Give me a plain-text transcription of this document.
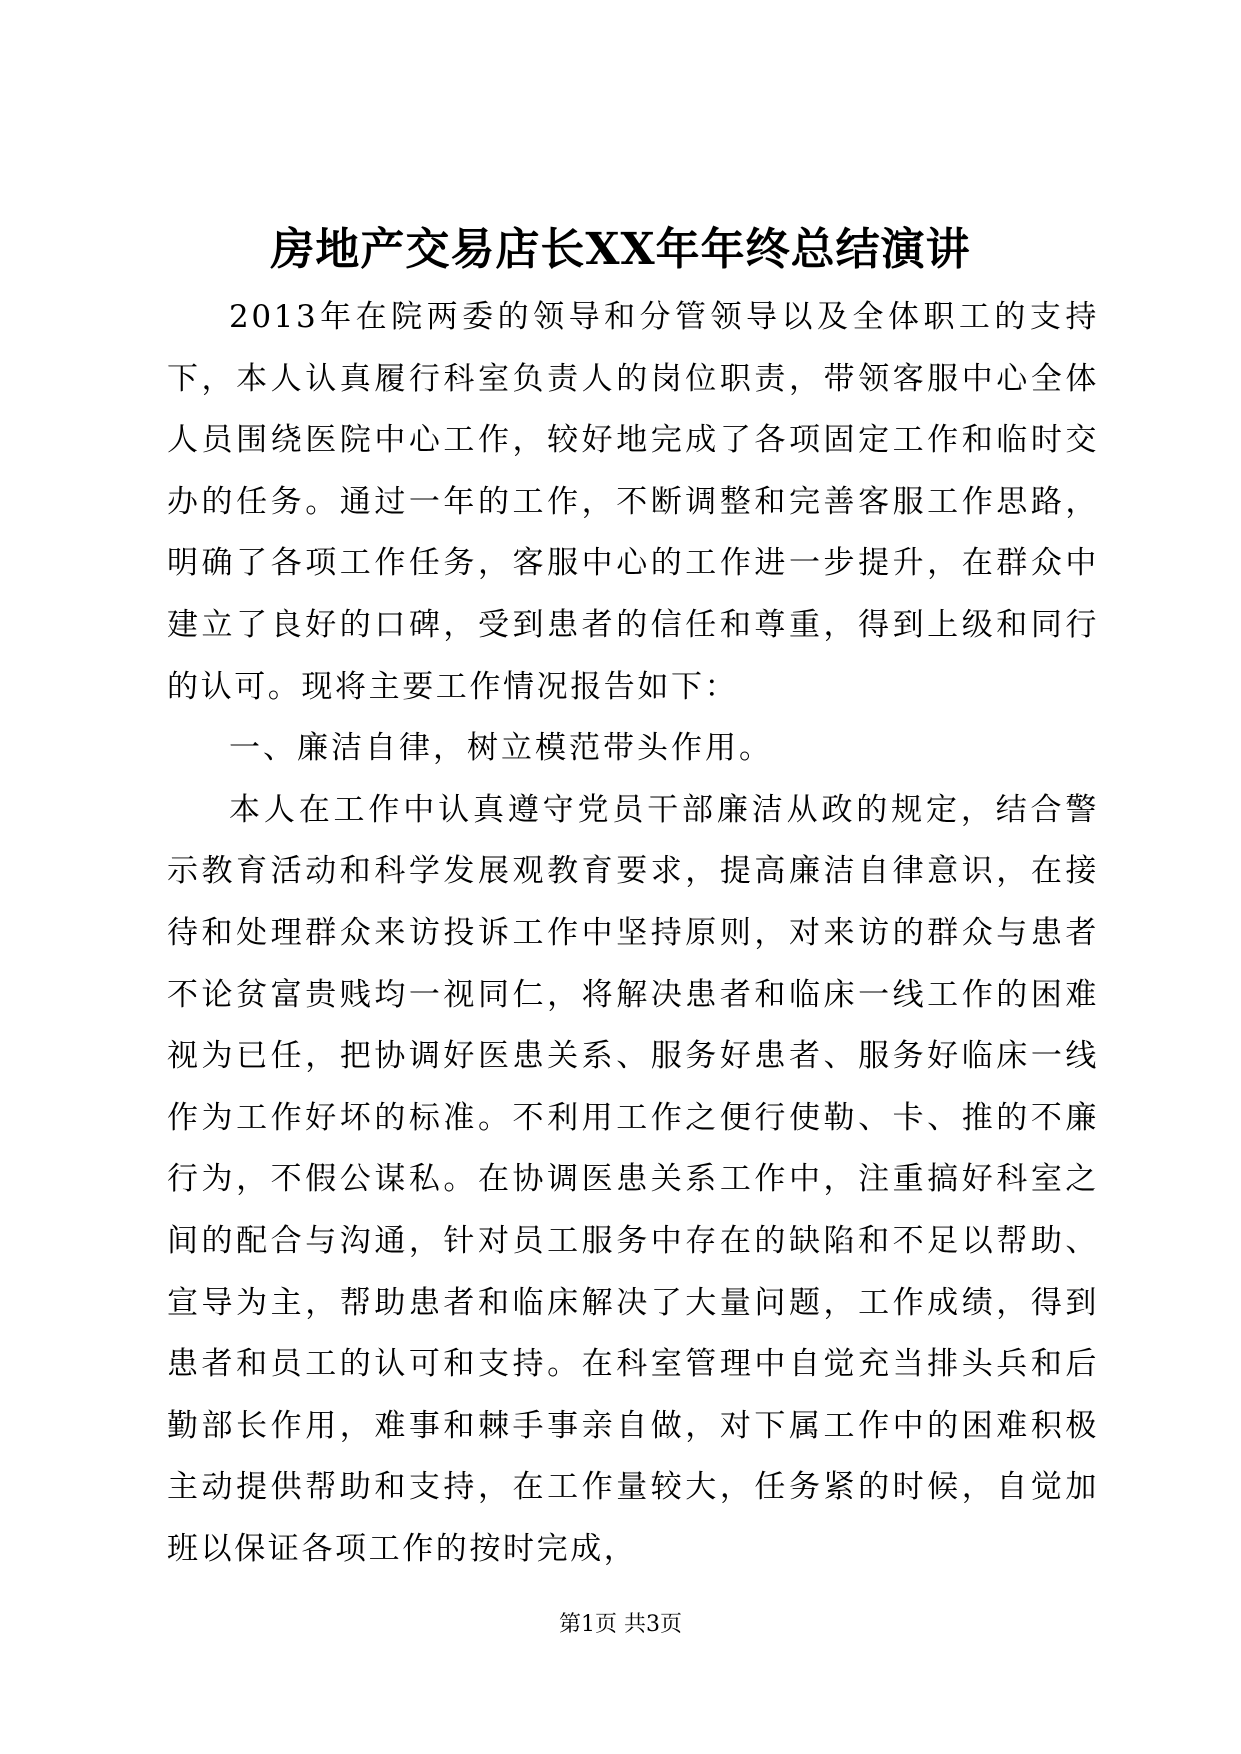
房地产交易店长XX年年终总结演讲

2013年在院两委的领导和分管领导以及全体职工的支持下，本人认真履行科室负责人的岗位职责，带领客服中心全体人员围绕医院中心工作，较好地完成了各项固定工作和临时交办的任务。通过一年的工作，不断调整和完善客服工作思路，明确了各项工作任务，客服中心的工作进一步提升，在群众中建立了良好的口碑，受到患者的信任和尊重，得到上级和同行的认可。现将主要工作情况报告如下：

一、廉洁自律，树立模范带头作用。

本人在工作中认真遵守党员干部廉洁从政的规定，结合警示教育活动和科学发展观教育要求，提高廉洁自律意识，在接待和处理群众来访投诉工作中坚持原则，对来访的群众与患者不论贫富贵贱均一视同仁，将解决患者和临床一线工作的困难视为已任，把协调好医患关系、服务好患者、服务好临床一线作为工作好坏的标准。不利用工作之便行使勒、卡、推的不廉行为，不假公谋私。在协调医患关系工作中，注重搞好科室之间的配合与沟通，针对员工服务中存在的缺陷和不足以帮助、宣导为主，帮助患者和临床解决了大量问题，工作成绩，得到患者和员工的认可和支持。在科室管理中自觉充当排头兵和后勤部长作用，难事和棘手事亲自做，对下属工作中的困难积极主动提供帮助和支持，在工作量较大，任务紧的时候，自觉加班以保证各项工作的按时完成，

第1页 共3页
